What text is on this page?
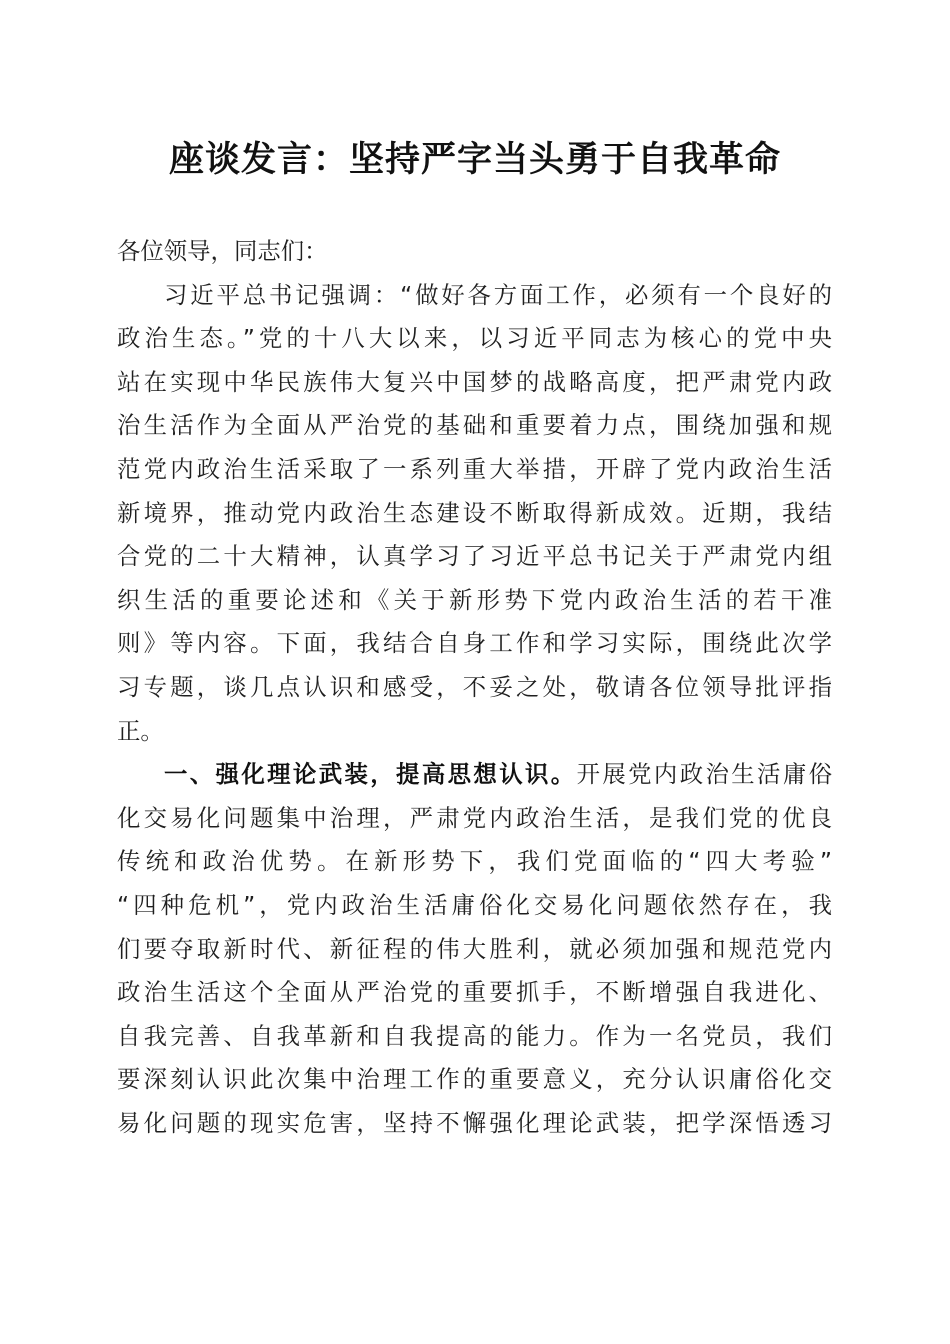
座谈发言：坚持严字当头勇于自我革命
各位领导，同志们：
习近平总书记强调：“做好各方面工作，必须有一个良好的
政治生态。”党的十八大以来，以习近平同志为核心的党中央
站在实现中华民族伟大复兴中国梦的战略高度，把严肃党内政
治生活作为全面从严治党的基础和重要着力点，围绕加强和规
范党内政治生活采取了一系列重大举措，开辟了党内政治生活
新境界，推动党内政治生态建设不断取得新成效。近期，我结
合党的二十大精神，认真学习了习近平总书记关于严肃党内组
织生活的重要论述和《关于新形势下党内政治生活的若干准
则》等内容。下面，我结合自身工作和学习实际，围绕此次学
习专题，谈几点认识和感受，不妥之处，敬请各位领导批评指
正。
一、强化理论武装，提高思想认识。开展党内政治生活庸俗
化交易化问题集中治理，严肃党内政治生活，是我们党的优良
传统和政治优势。在新形势下，我们党面临的“四大考验”
“四种危机”，党内政治生活庸俗化交易化问题依然存在，我
们要夺取新时代、新征程的伟大胜利，就必须加强和规范党内
政治生活这个全面从严治党的重要抓手，不断增强自我进化、
自我完善、自我革新和自我提高的能力。作为一名党员，我们
要深刻认识此次集中治理工作的重要意义，充分认识庸俗化交
易化问题的现实危害，坚持不懈强化理论武装，把学深悟透习
